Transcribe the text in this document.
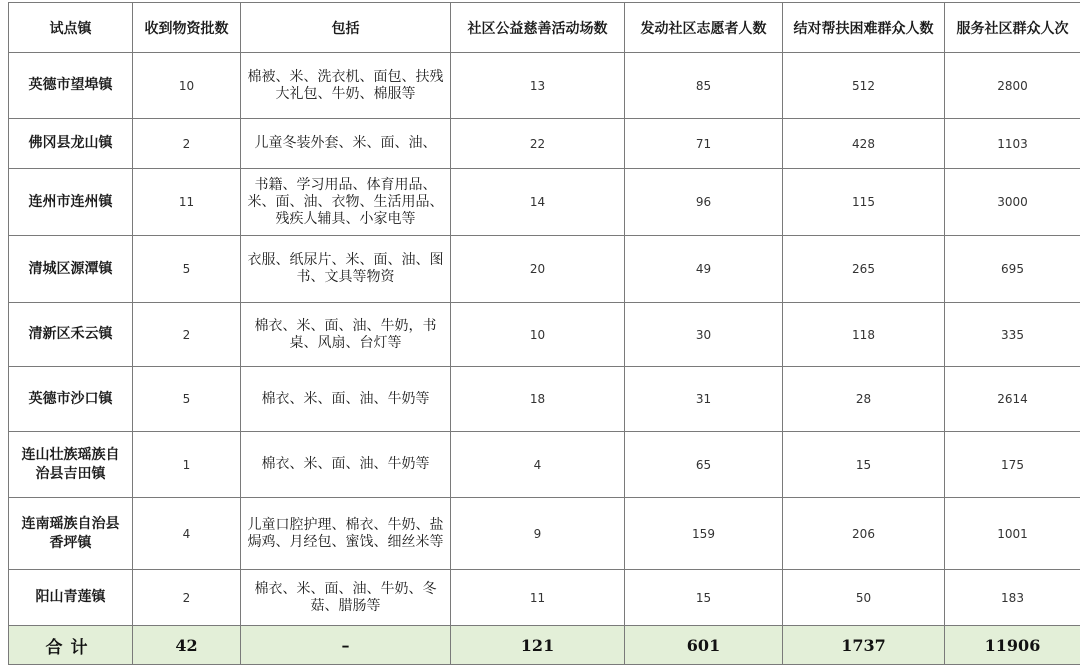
试点镇	收到物资批数	包括	社区公益慈善活动场数	发动社区志愿者人数	结对帮扶困难群众人数	服务社区群众人次
英德市望埠镇	10	棉被、米、洗衣机、面包、扶残大礼包、牛奶、棉服等	13	85	512	2800
佛冈县龙山镇	2	儿童冬装外套、米、面、油、	22	71	428	1103
连州市连州镇	11	书籍、学习用品、体育用品、米、面、油、衣物、生活用品、残疾人辅具、小家电等	14	96	115	3000
清城区源潭镇	5	衣服、纸尿片、米、面、油、图书、文具等物资	20	49	265	695
清新区禾云镇	2	棉衣、米、面、油、牛奶，书桌、风扇、台灯等	10	30	118	335
英德市沙口镇	5	棉衣、米、面、油、牛奶等	18	31	28	2614
连山壮族瑶族自治县吉田镇	1	棉衣、米、面、油、牛奶等	4	65	15	175
连南瑶族自治县香坪镇	4	儿童口腔护理、棉衣、牛奶、盐焗鸡、月经包、蜜饯、细丝米等	9	159	206	1001
阳山青莲镇	2	棉衣、米、面、油、牛奶、冬菇、腊肠等	11	15	50	183
合计	42	–	121	601	1737	11906
